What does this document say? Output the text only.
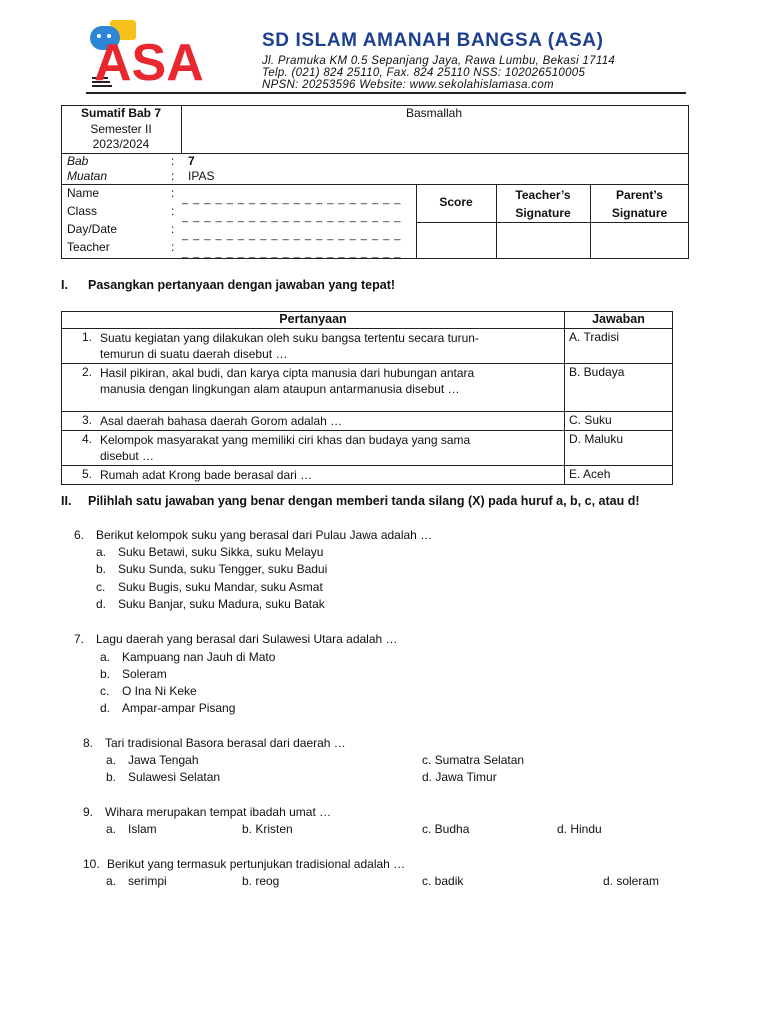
ASA	SD ISLAM AMANAH BANGSA (ASA)
Jl. Pramuka KM 0.5 Sepanjang Jaya, Rawa Lumbu, Bekasi 17114
Telp. (021) 824 25110, Fax. 824 25110 NSS: 102026510005
NPSN: 20253596 Website: www.sekolahislamasa.com
Sumatif Bab 7
Semester II
2023/2024
Basmallah
Bab	: 7
Muatan	: IPAS
Name	: _ _ _ _ _ _ _ _ _ _ _ _ _ _ _ _ _ _ _ _
Class	: _ _ _ _ _ _ _ _ _ _ _ _ _ _ _ _ _ _ _ _
Day/Date	: _ _ _ _ _ _ _ _ _ _ _ _ _ _ _ _ _ _ _ _
Teacher	: _ _ _ _ _ _ _ _ _ _ _ _ _ _ _ _ _ _ _ _
Score	Teacher’s
Signature
Parent’s
Signature
I. Pasangkan pertanyaan dengan jawaban yang tepat!
Pertanyaan		Jawaban
1.	Suatu kegiatan yang dilakukan oleh suku bangsa tertentu secara turun-
temurun di suatu daerah disebut …	A. Tradisi
2.	Hasil pikiran, akal budi, dan karya cipta manusia dari hubungan antara
manusia dengan lingkungan alam ataupun antarmanusia disebut …	B. Budaya
3.	Asal daerah bahasa daerah Gorom adalah …	C. Suku
4.	Kelompok masyarakat yang memiliki ciri khas dan budaya yang sama
disebut …	D. Maluku
5.	Rumah adat Krong bade berasal dari …	E. Aceh
II. Pilihlah satu jawaban yang benar dengan memberi tanda silang (X) pada huruf a, b, c, atau d!
6. Berikut kelompok suku yang berasal dari Pulau Jawa adalah …
a. Suku Betawi, suku Sikka, suku Melayu
b. Suku Sunda, suku Tengger, suku Badui
c. Suku Bugis, suku Mandar, suku Asmat
d. Suku Banjar, suku Madura, suku Batak
7. Lagu daerah yang berasal dari Sulawesi Utara adalah …
a. Kampuang nan Jauh di Mato
b. Soleram
c. O Ina Ni Keke
d. Ampar-ampar Pisang
8. Tari tradisional Basora berasal dari daerah …
a. Jawa Tengah	c. Sumatra Selatan
b. Sulawesi Selatan	d. Jawa Timur
9. Wihara merupakan tempat ibadah umat …
a. Islam	b. Kristen	c. Budha	d. Hindu
10. Berikut yang termasuk pertunjukan tradisional adalah …
a. serimpi	b. reog	c. badik	d. soleram
